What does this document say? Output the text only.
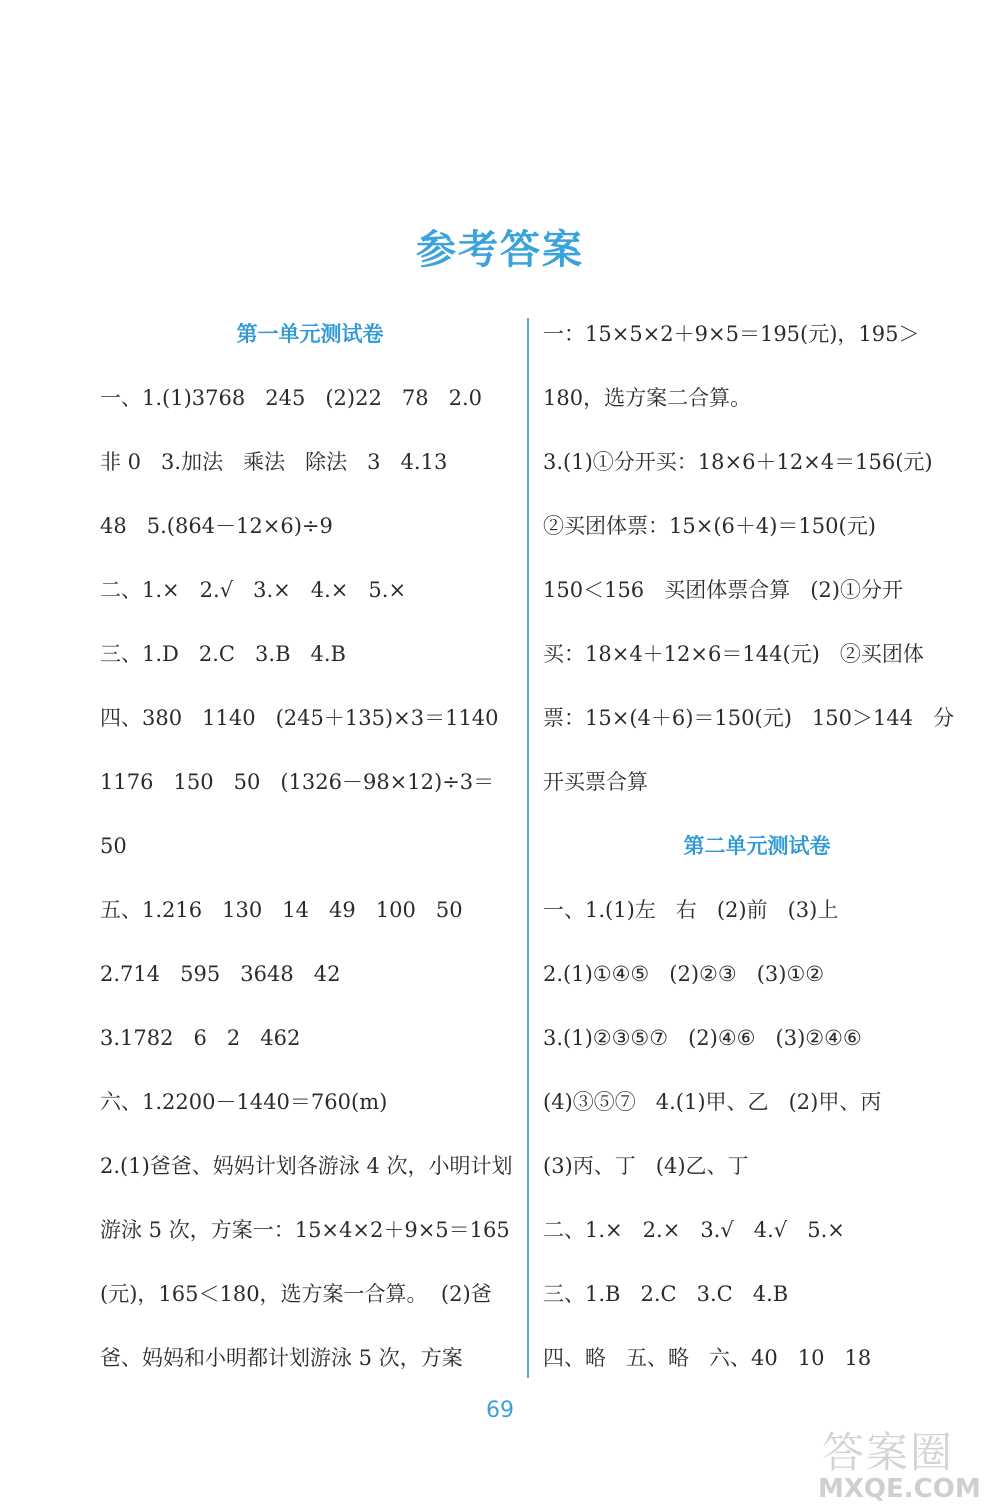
参考答案
第一单元测试卷
一、1.(1)3768   245   (2)22   78   2.0
非 0   3.加法   乘法   除法   3   4.13
48   5.(864－12×6)÷9
二、1.×   2.√   3.×   4.×   5.×
三、1.D   2.C   3.B   4.B
四、380   1140   (245＋135)×3＝1140
1176   150   50   (1326－98×12)÷3＝
50
五、1.216   130   14   49   100   50
2.714   595   3648   42
3.1782   6   2   462
六、1.2200－1440＝760(m)
2.(1)爸爸、妈妈计划各游泳 4 次，小明计划
游泳 5 次，方案一：15×4×2＋9×5＝165
(元)，165＜180，选方案一合算。  (2)爸
爸、妈妈和小明都计划游泳 5 次，方案
一：15×5×2＋9×5＝195(元)，195＞
180，选方案二合算。
3.(1)①分开买：18×6＋12×4＝156(元)
②买团体票：15×(6＋4)＝150(元)
150＜156   买团体票合算   (2)①分开
买：18×4＋12×6＝144(元)   ②买团体
票：15×(4＋6)＝150(元)   150＞144   分
开买票合算
第二单元测试卷
一、1.(1)左   右   (2)前   (3)上
2.(1)①④⑤   (2)②③   (3)①②
3.(1)②③⑤⑦   (2)④⑥   (3)②④⑥
(4)③⑤⑦   4.(1)甲、乙   (2)甲、丙
(3)丙、丁   (4)乙、丁
二、1.×   2.×   3.√   4.√   5.×
三、1.B   2.C   3.C   4.B
四、略   五、略   六、40   10   18
69
答案圈
MXQE.COM
